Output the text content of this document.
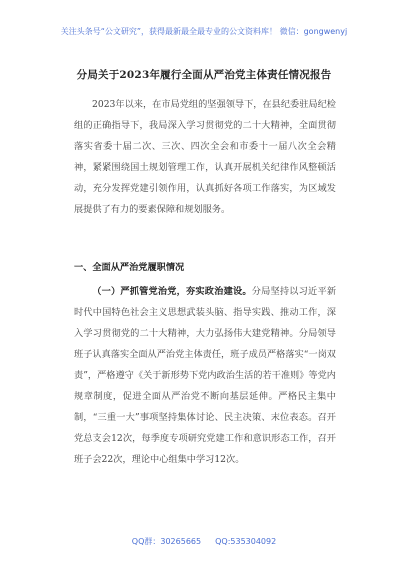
关注头条号“公文研究”，获得最新最全最专业的公文资料库！ 微信：gongwenyj
分局关于2023年履行全面从严治党主体责任情况报告

2023年以来，在市局党组的坚强领导下，在县纪委驻局纪检组的正确指导下，我局深入学习贯彻党的二十大精神，全面贯彻落实省委十届二次、三次、四次全会和市委十一届八次全会精神，紧紧围绕国土规划管理工作，认真开展机关纪律作风整顿活动，充分发挥党建引领作用，认真抓好各项工作落实，为区域发展提供了有力的要素保障和规划服务。

一、全面从严治党履职情况

（一）严抓管党治党，夯实政治建设。分局坚持以习近平新时代中国特色社会主义思想武装头脑、指导实践、推动工作，深入学习贯彻党的二十大精神，大力弘扬伟大建党精神。分局领导班子认真落实全面从严治党主体责任，班子成员严格落实“一岗双责”，严格遵守《关于新形势下党内政治生活的若干准则》等党内规章制度，促进全面从严治党不断向基层延伸。严格民主集中制，“三重一大”事项坚持集体讨论、民主决策、末位表态。召开党总支会12次，每季度专项研究党建工作和意识形态工作，召开班子会22次，理论中心组集中学习12次。

QQ群：30265665 QQ:535304092
